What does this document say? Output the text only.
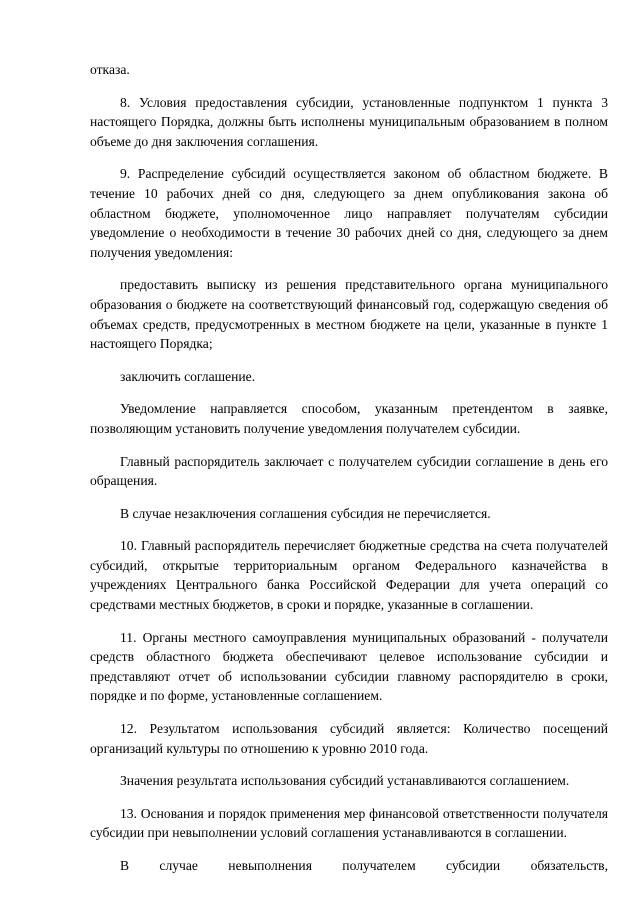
отказа.

8. Условия предоставления субсидии, установленные подпунктом 1 пункта 3 настоящего Порядка, должны быть исполнены муниципальным образованием в полном объеме до дня заключения соглашения.

9. Распределение субсидий осуществляется законом об областном бюджете. В течение 10 рабочих дней со дня, следующего за днем опубликования закона об областном бюджете, уполномоченное лицо направляет получателям субсидии уведомление о необходимости в течение 30 рабочих дней со дня, следующего за днем получения уведомления:

предоставить выписку из решения представительного органа муниципального образования о бюджете на соответствующий финансовый год, содержащую сведения об объемах средств, предусмотренных в местном бюджете на цели, указанные в пункте 1 настоящего Порядка;

заключить соглашение.

Уведомление направляется способом, указанным претендентом в заявке, позволяющим установить получение уведомления получателем субсидии.

Главный распорядитель заключает с получателем субсидии соглашение в день его обращения.

В случае незаключения соглашения субсидия не перечисляется.

10. Главный распорядитель перечисляет бюджетные средства на счета получателей субсидий, открытые территориальным органом Федерального казначейства в учреждениях Центрального банка Российской Федерации для учета операций со средствами местных бюджетов, в сроки и порядке, указанные в соглашении.

11. Органы местного самоуправления муниципальных образований - получатели средств областного бюджета обеспечивают целевое использование субсидии и представляют отчет об использовании субсидии главному распорядителю в сроки, порядке и по форме, установленные соглашением.

12. Результатом использования субсидий является: Количество посещений организаций культуры по отношению к уровню 2010 года.

Значения результата использования субсидий устанавливаются соглашением.

13. Основания и порядок применения мер финансовой ответственности получателя субсидии при невыполнении условий соглашения устанавливаются в соглашении.

В случае невыполнения получателем субсидии обязательств,
